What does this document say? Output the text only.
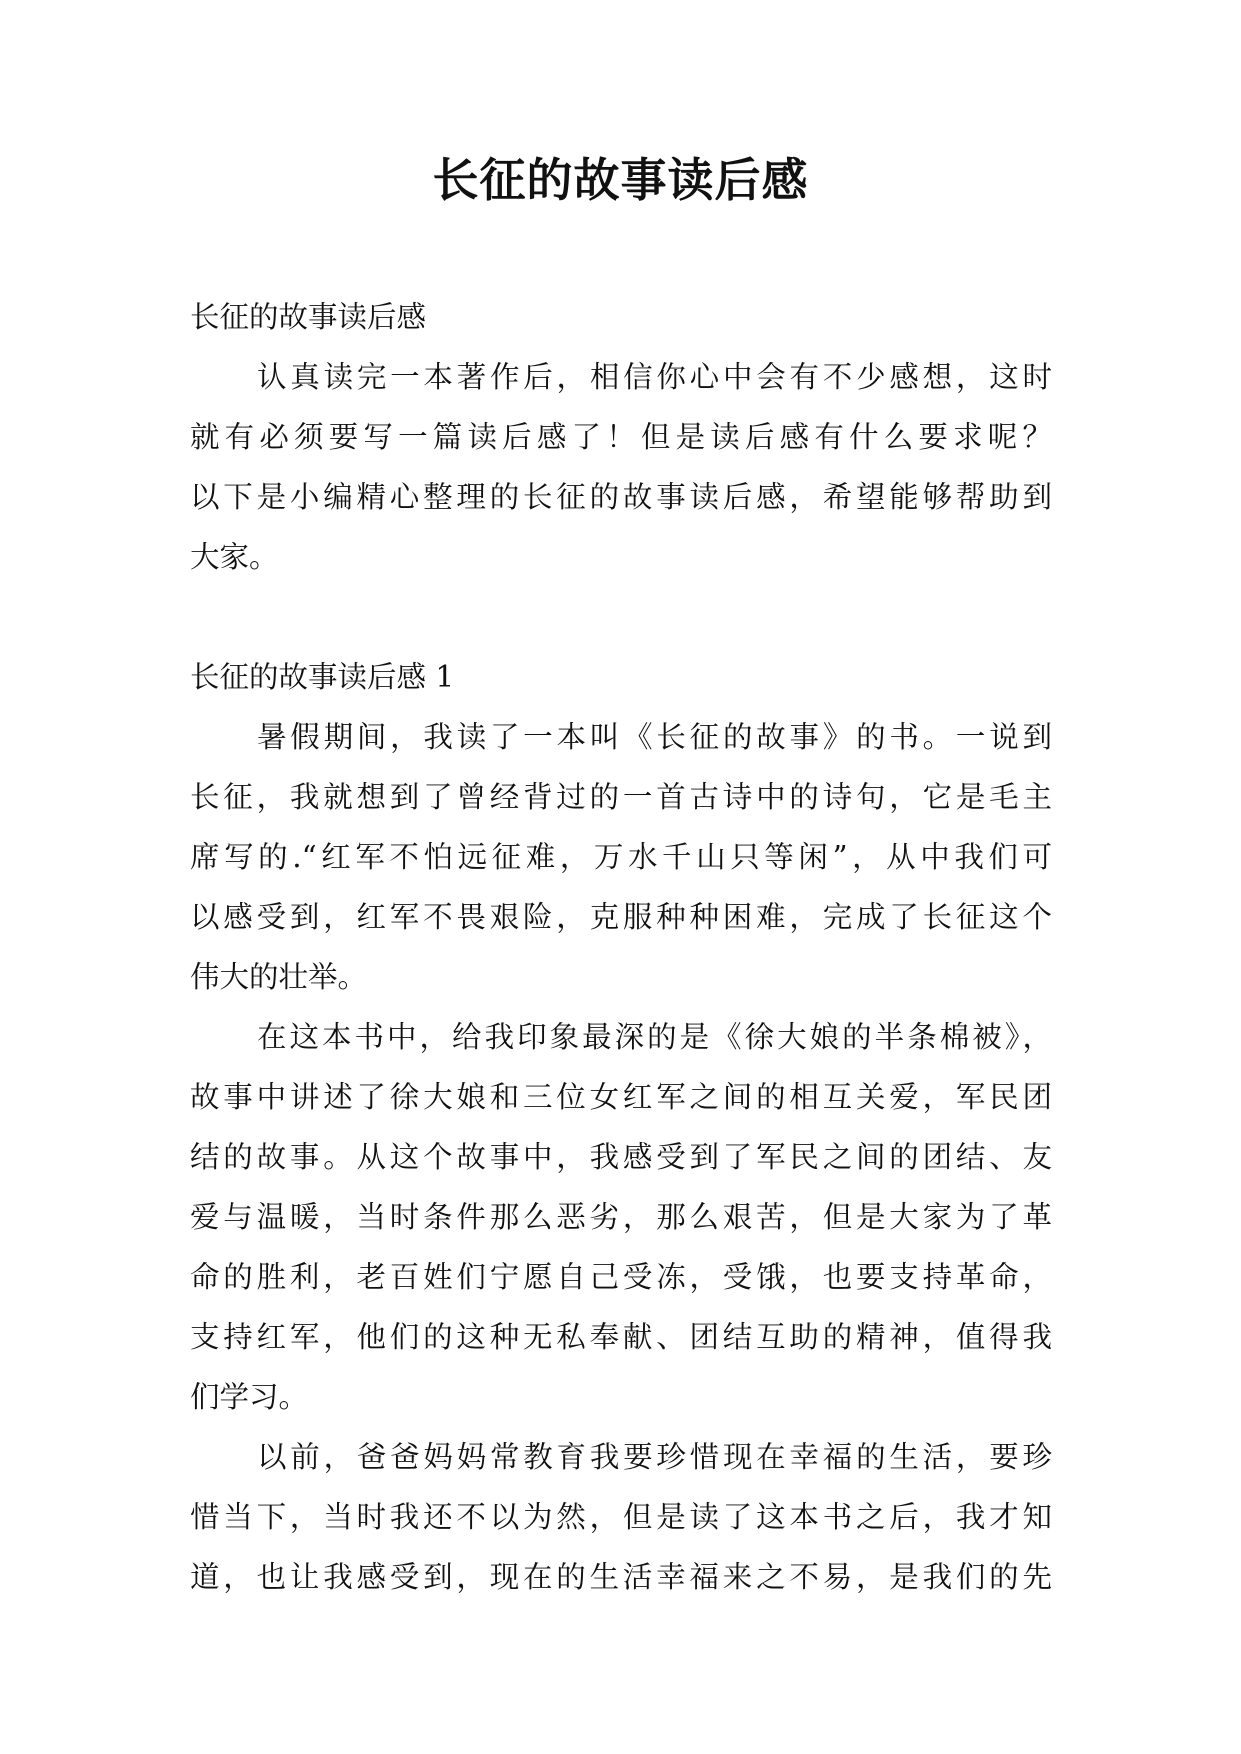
长征的故事读后感
长征的故事读后感
认真读完一本著作后，相信你心中会有不少感想，这时
就有必须要写一篇读后感了！但是读后感有什么要求呢？
以下是小编精心整理的长征的故事读后感，希望能够帮助到
大家。
长征的故事读后感 1
暑假期间，我读了一本叫《长征的故事》的书。一说到
长征，我就想到了曾经背过的一首古诗中的诗句，它是毛主
席写的.“红军不怕远征难，万水千山只等闲”，从中我们可
以感受到，红军不畏艰险，克服种种困难，完成了长征这个
伟大的壮举。
在这本书中，给我印象最深的是《徐大娘的半条棉被》，
故事中讲述了徐大娘和三位女红军之间的相互关爱，军民团
结的故事。从这个故事中，我感受到了军民之间的团结、友
爱与温暖，当时条件那么恶劣，那么艰苦，但是大家为了革
命的胜利，老百姓们宁愿自己受冻，受饿，也要支持革命，
支持红军，他们的这种无私奉献、团结互助的精神，值得我
们学习。
以前，爸爸妈妈常教育我要珍惜现在幸福的生活，要珍
惜当下，当时我还不以为然，但是读了这本书之后，我才知
道，也让我感受到，现在的生活幸福来之不易，是我们的先
